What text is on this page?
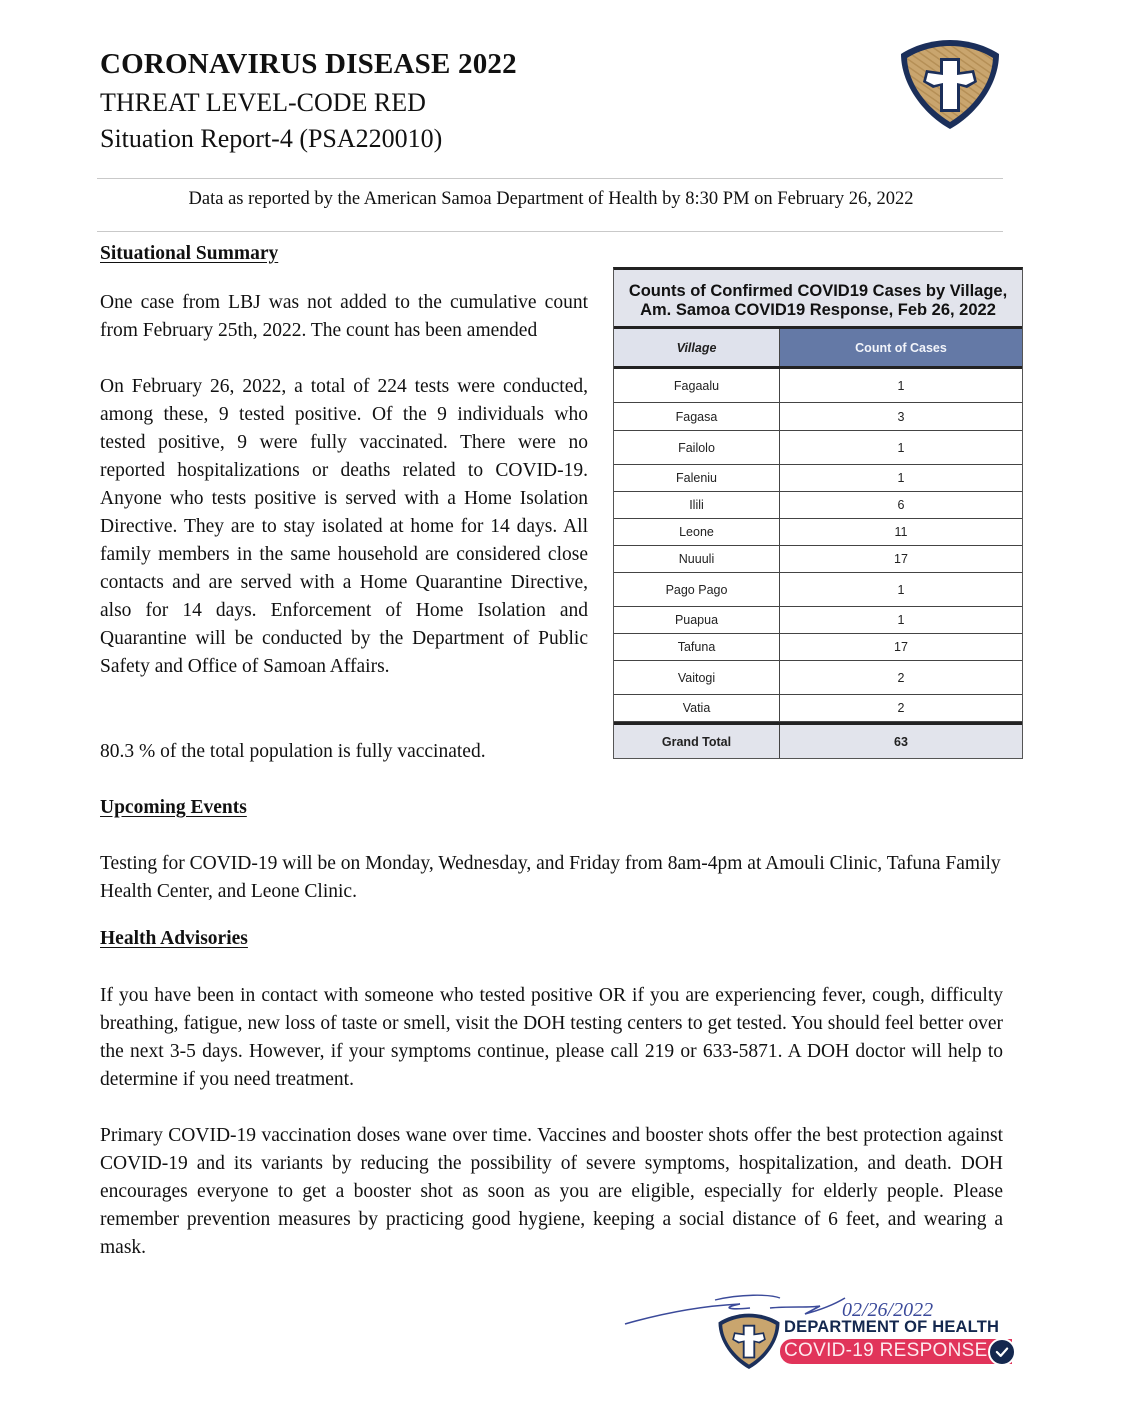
CORONAVIRUS DISEASE 2022
THREAT LEVEL-CODE RED
Situation Report-4 (PSA220010)
Data as reported by the American Samoa Department of Health by 8:30 PM on February 26, 2022
Situational Summary
One case from LBJ was not added to the cumulative count from February 25th, 2022. The count has been amended
On February 26, 2022, a total of 224 tests were conducted, among these, 9 tested positive. Of the 9 individuals who tested positive, 9 were fully vaccinated. There were no reported hospitalizations or deaths related to COVID-19. Anyone who tests positive is served with a Home Isolation Directive. They are to stay isolated at home for 14 days. All family members in the same household are considered close contacts and are served with a Home Quarantine Directive, also for 14 days. Enforcement of Home Isolation and Quarantine will be conducted by the Department of Public Safety and Office of Samoan Affairs.
80.3 % of the total population is fully vaccinated.
Counts of Confirmed COVID19 Cases by Village, Am. Samoa COVID19 Response, Feb 26, 2022
Village	Count of Cases
Fagaalu	1
Fagasa	3
Failolo	1
Faleniu	1
Ilili	6
Leone	11
Nuuuli	17
Pago Pago	1
Puapua	1
Tafuna	17
Vaitogi	2
Vatia	2
Grand Total	63
Upcoming Events
Testing for COVID-19 will be on Monday, Wednesday, and Friday from 8am-4pm at Amouli Clinic, Tafuna Family Health Center, and Leone Clinic.
Health Advisories
If you have been in contact with someone who tested positive OR if you are experiencing fever, cough, difficulty breathing, fatigue, new loss of taste or smell, visit the DOH testing centers to get tested. You should feel better over the next 3-5 days. However, if your symptoms continue, please call 219 or 633-5871. A DOH doctor will help to determine if you need treatment.
Primary COVID-19 vaccination doses wane over time. Vaccines and booster shots offer the best protection against COVID-19 and its variants by reducing the possibility of severe symptoms, hospitalization, and death. DOH encourages everyone to get a booster shot as soon as you are eligible, especially for elderly people. Please remember prevention measures by practicing good hygiene, keeping a social distance of 6 feet, and wearing a mask.
02/26/2022
DEPARTMENT OF HEALTH
COVID-19 RESPONSE
